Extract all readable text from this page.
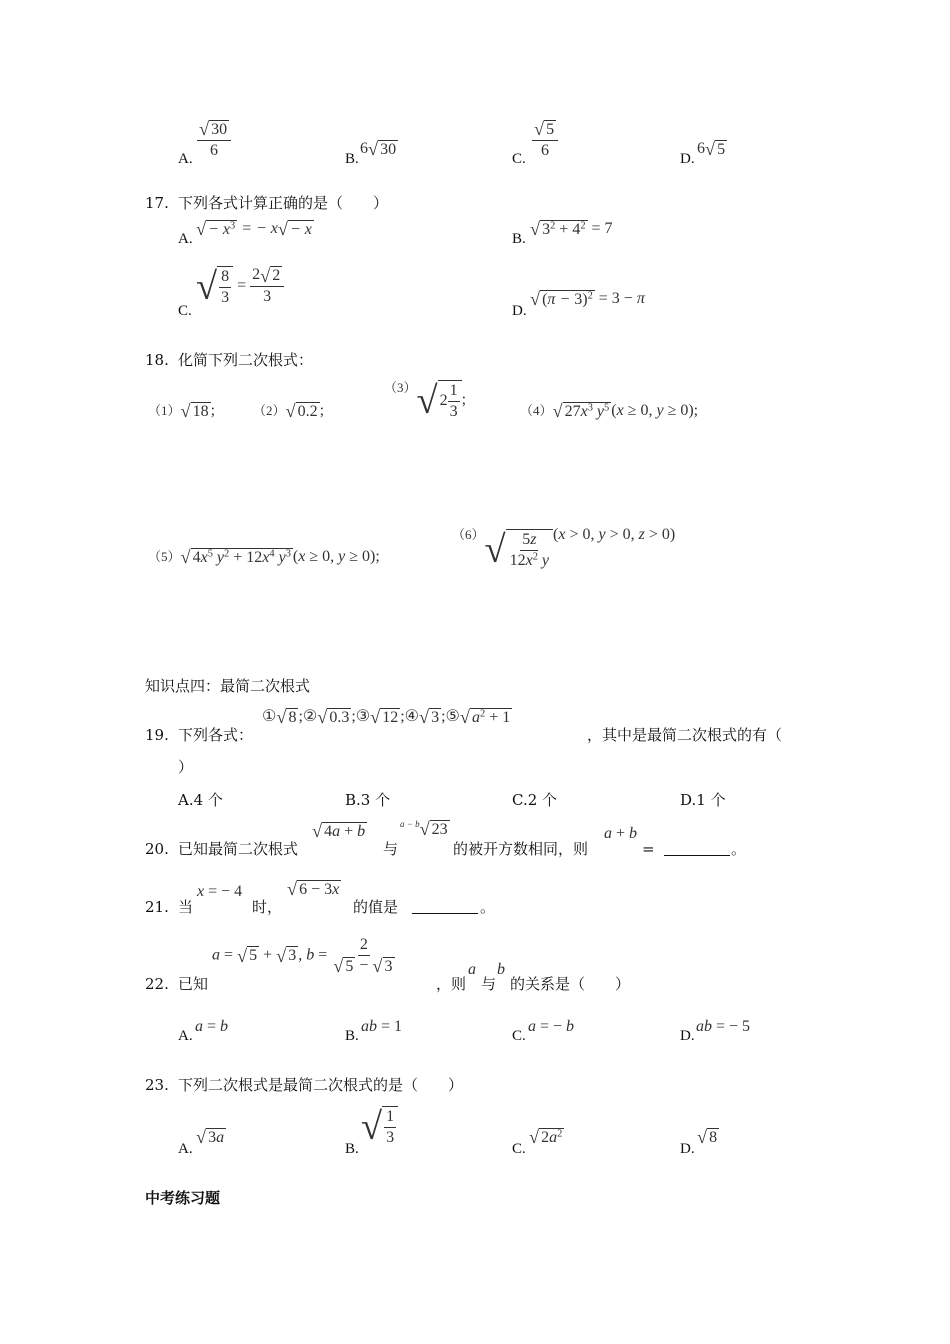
A. $\frac{√ 30}{6}$	B.
6 √ 30
C. $\frac{√ 5}{6}$	D.
6 √ 5
17. 下列各式计算正确的是（　　）
A. √ − $x^3$ = − x √ − x
B. √ $3^2 + 4^2 = 7$
C.
√ $\frac{8}{3} = \frac{2 √ 2}{3}$
D.
√ $(\pi - 3)^2 = 3 - \pi$
18. 化简下列二次根式：
（1） √ 18 ;	（2） √ 0.2 ;
$^{(3)}$ √ $2 \frac{1}{3}$ ;
（4） √ $27x^3$ $y^5$ (x ≥ 0, y ≥ 0);
（5） √ $4x^5$ $y^2 + 12x^4$ $y^3$ (x ≥ 0, y ≥ 0);
$^{(6)}$ √ $\frac{5z}{12x^2 y} (x > 0$, y > 0, z > 0)
知识点四：最简二次根式
19. 下列各式：
① √ 8 ;② √ 0.3 ;③ √ 12 ;④ √ 3 ;⑤ √ $a^2 + 1$
，其中是最简二次根式的有（
）
A.4 个	B.3 个	C.2 个	D.1 个
20. 已知最简二次根式
√ 4a + b
与
$^{a - b}$ √ 23
的被开方数相同，则
a + b
=	。
21. 当
x = − 4
时，
√ 6 − 3x
的值是	。
a = √ 5 + √ 3 , $b = \frac{2}{√ 5 - √ 3}$
22. 已知	，则
a
与
b
的关系是（　　）
A.
a = b
B.
ab = 1
C.
a = − b
D.
ab = − 5
23. 下列二次根式是最简二次根式的是（　　）
A.
√ 3a
B.
√ $\frac{1}{3}$
C.
√ $2a^2$
D.
√ 8
中考练习题
